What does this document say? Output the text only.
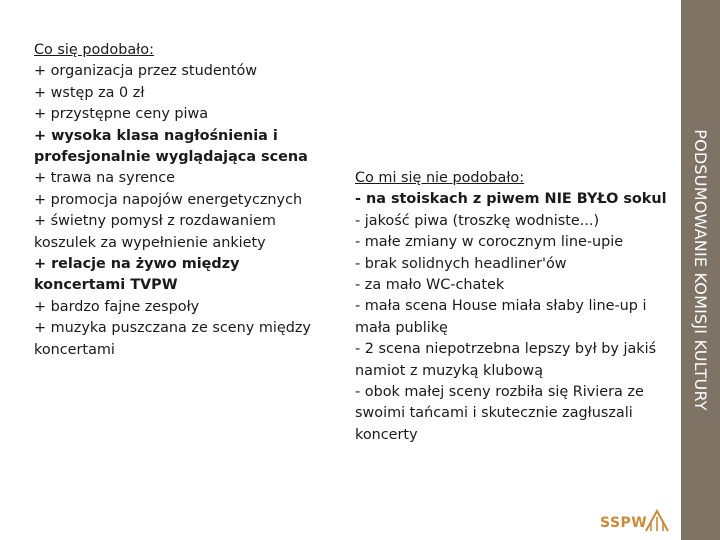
Co się podobało:
+ organizacja przez studentów
+ wstęp za 0 zł
+ przystępne ceny piwa
+ wysoka klasa nagłośnienia i profesjonalnie wyglądająca scena
+ trawa na syrence
+ promocja napojów energetycznych
+ świetny pomysł z rozdawaniem koszulek za wypełnienie ankiety
+ relacje na żywo między koncertami TVPW
+ bardzo fajne zespoły
+ muzyka puszczana ze sceny między koncertami
Co mi się nie podobało:
- na stoiskach z piwem NIE BYŁO sokul
- jakość piwa (troszkę wodniste...)
- małe zmiany w corocznym line-upie
- brak solidnych headliner'ów
- za mało WC-chatek
- mała scena House miała słaby line-up i mała publikę
- 2 scena niepotrzebna lepszy był by jakiś namiot z muzyką klubową
- obok małej sceny rozbiła się Riviera ze swoimi tańcami i skutecznie zagłuszali koncerty
SSPW
PODSUMOWANIE KOMISJI KULTURY
